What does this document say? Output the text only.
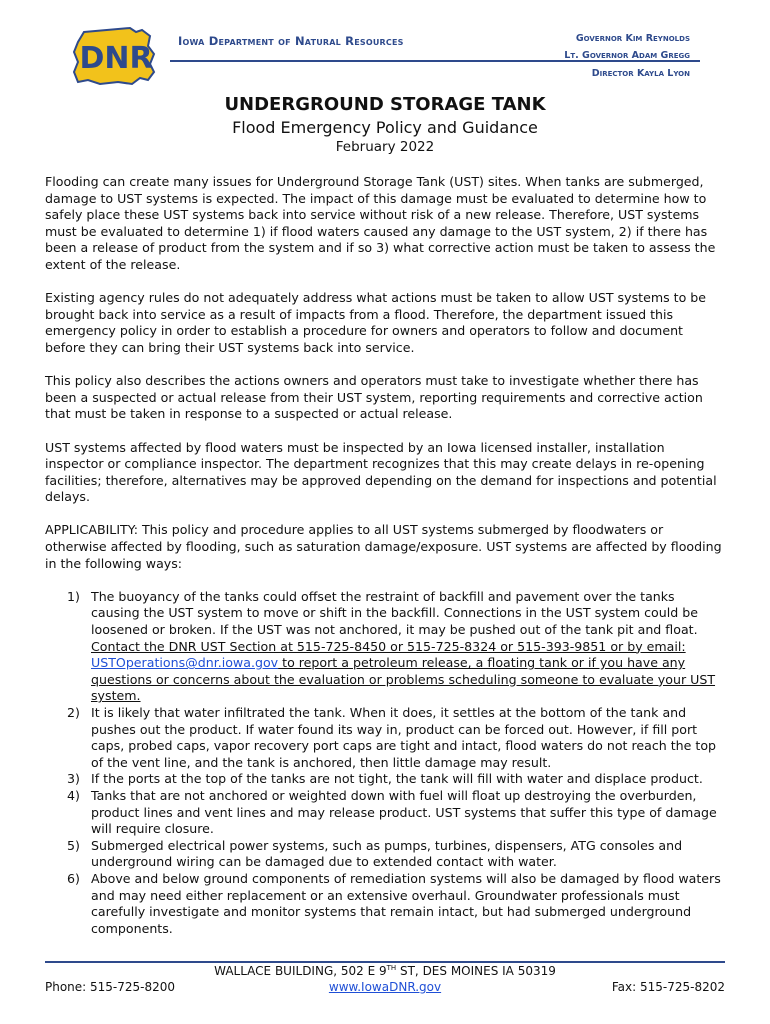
DNR Iowa Department of Natural Resources	Governor Kim Reynolds
Lt. Governor Adam Gregg
Director Kayla Lyon
UNDERGROUND STORAGE TANK
Flood Emergency Policy and Guidance
February 2022

Flooding can create many issues for Underground Storage Tank (UST) sites. When tanks are submerged, damage to UST systems is expected. The impact of this damage must be evaluated to determine how to safely place these UST systems back into service without risk of a new release. Therefore, UST systems must be evaluated to determine 1) if flood waters caused any damage to the UST system, 2) if there has been a release of product from the system and if so 3) what corrective action must be taken to assess the extent of the release.

Existing agency rules do not adequately address what actions must be taken to allow UST systems to be brought back into service as a result of impacts from a flood. Therefore, the department issued this emergency policy in order to establish a procedure for owners and operators to follow and document before they can bring their UST systems back into service.

This policy also describes the actions owners and operators must take to investigate whether there has been a suspected or actual release from their UST system, reporting requirements and corrective action that must be taken in response to a suspected or actual release.

UST systems affected by flood waters must be inspected by an Iowa licensed installer, installation inspector or compliance inspector. The department recognizes that this may create delays in re-opening facilities; therefore, alternatives may be approved depending on the demand for inspections and potential delays.

APPLICABILITY: This policy and procedure applies to all UST systems submerged by floodwaters or otherwise affected by flooding, such as saturation damage/exposure. UST systems are affected by flooding in the following ways:

1) The buoyancy of the tanks could offset the restraint of backfill and pavement over the tanks causing the UST system to move or shift in the backfill. Connections in the UST system could be loosened or broken. If the UST was not anchored, it may be pushed out of the tank pit and float. Contact the DNR UST Section at 515-725-8450 or 515-725-8324 or 515-393-9851 or by email: USTOperations@dnr.iowa.gov to report a petroleum release, a floating tank or if you have any questions or concerns about the evaluation or problems scheduling someone to evaluate your UST system.
2) It is likely that water infiltrated the tank. When it does, it settles at the bottom of the tank and pushes out the product. If water found its way in, product can be forced out. However, if fill port caps, probed caps, vapor recovery port caps are tight and intact, flood waters do not reach the top of the vent line, and the tank is anchored, then little damage may result.
3) If the ports at the top of the tanks are not tight, the tank will fill with water and displace product.
4) Tanks that are not anchored or weighted down with fuel will float up destroying the overburden, product lines and vent lines and may release product. UST systems that suffer this type of damage will require closure.
5) Submerged electrical power systems, such as pumps, turbines, dispensers, ATG consoles and underground wiring can be damaged due to extended contact with water.
6) Above and below ground components of remediation systems will also be damaged by flood waters and may need either replacement or an extensive overhaul. Groundwater professionals must carefully investigate and monitor systems that remain intact, but had submerged underground components.
WALLACE BUILDING, 502 E 9TH ST, DES MOINES IA 50319
Phone: 515-725-8200	www.IowaDNR.gov	Fax: 515-725-8202
